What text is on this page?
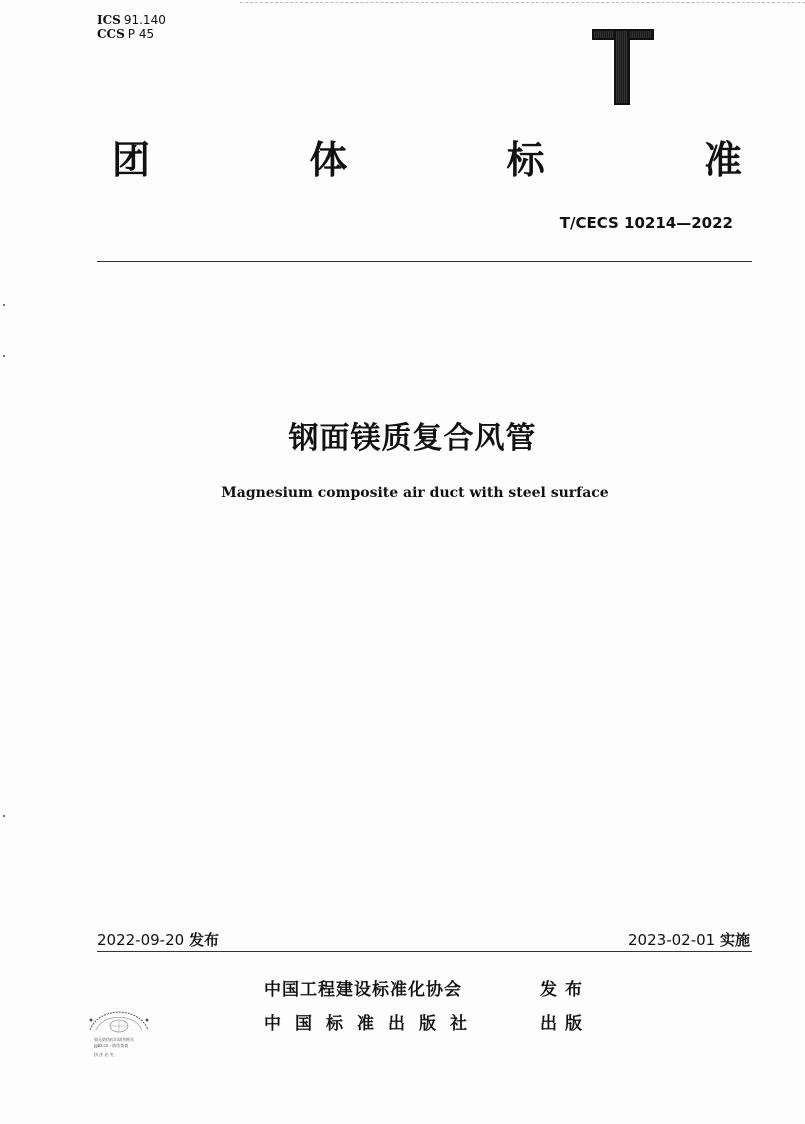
ICS 91.140
CCS P 45
团	体	标	准
T/CECS 10214—2022
钢面镁质复合风管
Magnesium composite air duct with steel surface
2022-09-20 发布	2023-02-01 实施
中国工程建设标准化协会	发布
中国标准出版社	出版
如无防伪标识请勿购买
jgbz.cn · 防伪查询
执 法 必 究
